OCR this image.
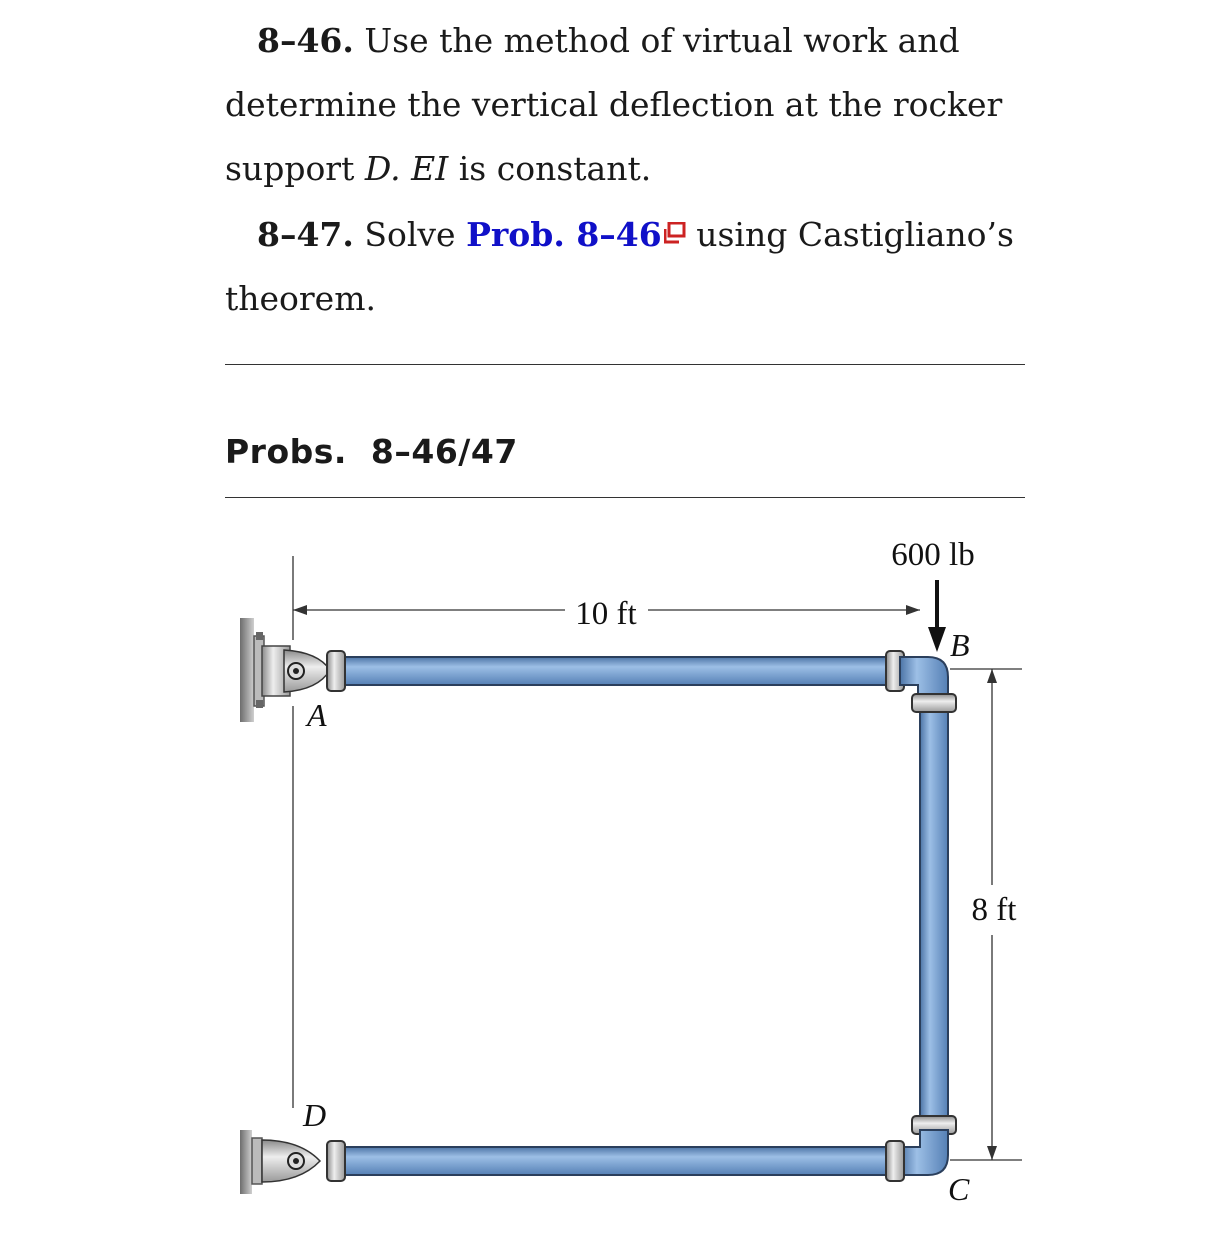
8–46. Use the method of virtual work and determine the vertical deflection at the rocker support D. EI is constant.
8–47. Solve Prob. 8–46 using Castigliano’s theorem.
Probs. 8–46/47
600 lb
10 ft
8 ft
A
B
C
D
